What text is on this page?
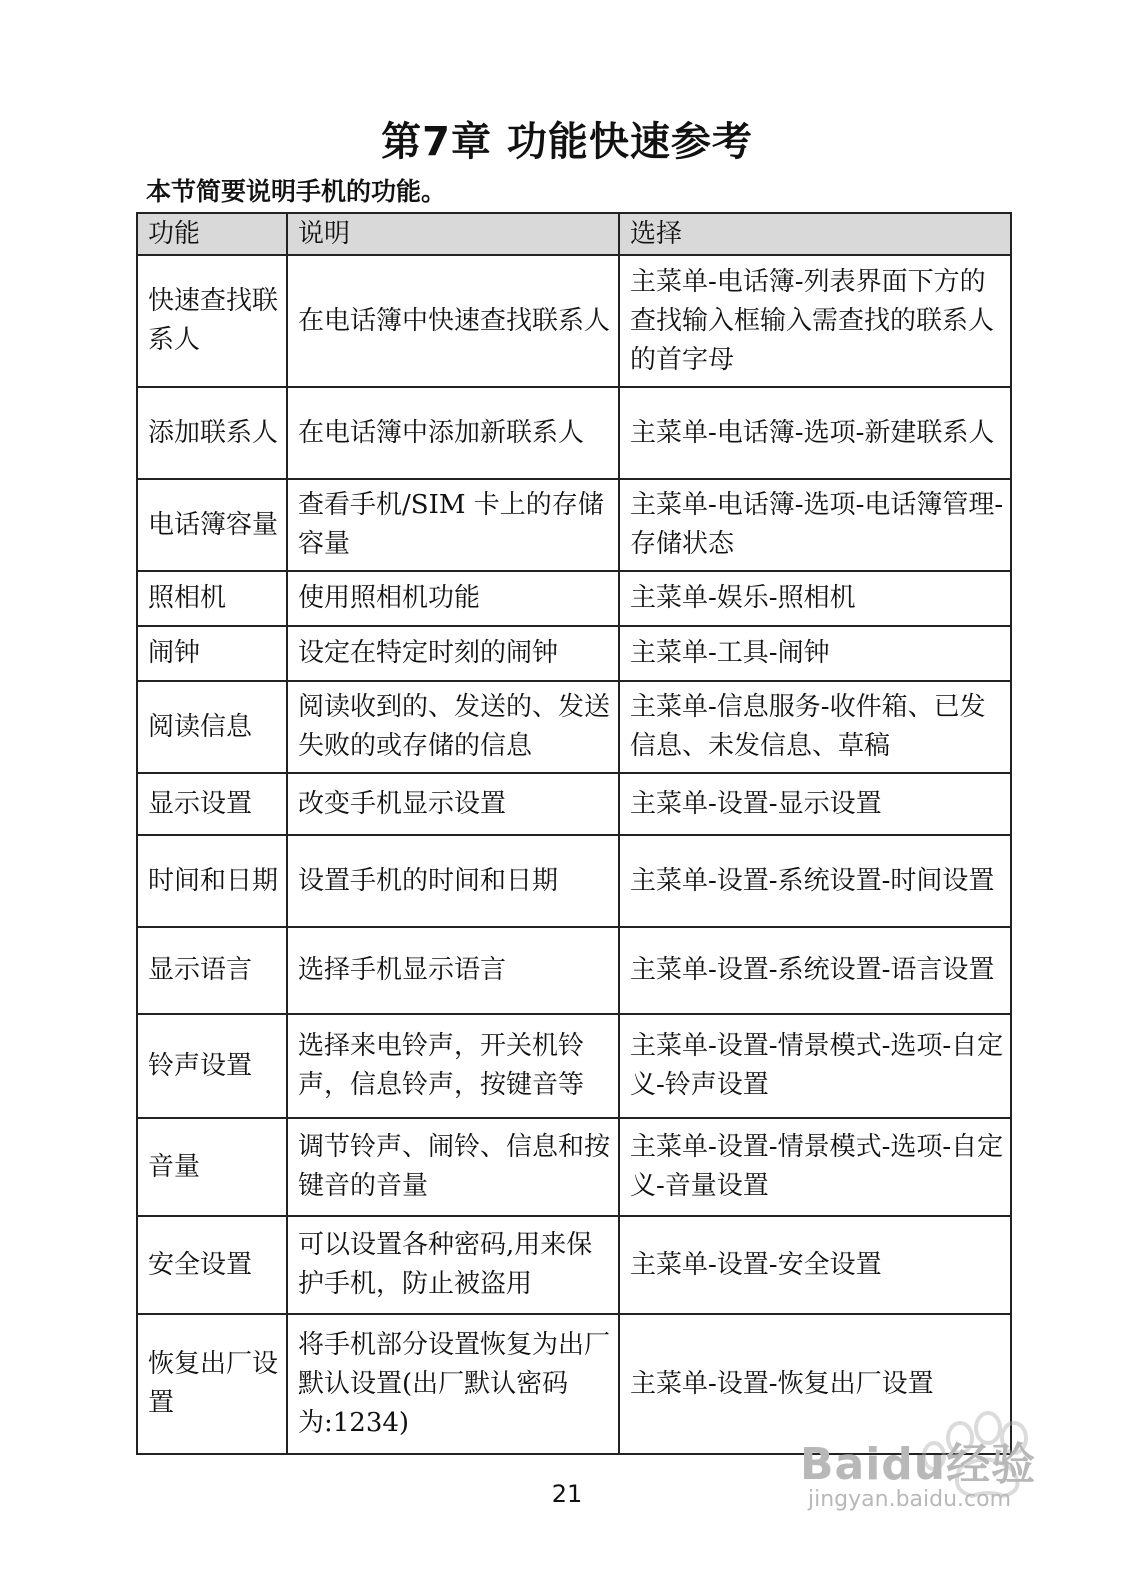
第7章 功能快速参考
本节简要说明手机的功能。
功能	说明	选择
快速查找联系人	在电话簿中快速查找联系人	主菜单-电话簿-列表界面下方的查找输入框输入需查找的联系人的首字母
添加联系人	在电话簿中添加新联系人	主菜单-电话簿-选项-新建联系人
电话簿容量	查看手机/SIM 卡上的存储容量	主菜单-电话簿-选项-电话簿管理-存储状态
照相机	使用照相机功能	主菜单-娱乐-照相机
闹钟	设定在特定时刻的闹钟	主菜单-工具-闹钟
阅读信息	阅读收到的、发送的、发送失败的或存储的信息	主菜单-信息服务-收件箱、已发信息、未发信息、草稿
显示设置	改变手机显示设置	主菜单-设置-显示设置
时间和日期	设置手机的时间和日期	主菜单-设置-系统设置-时间设置
显示语言	选择手机显示语言	主菜单-设置-系统设置-语言设置
铃声设置	选择来电铃声，开关机铃声，信息铃声，按键音等	主菜单-设置-情景模式-选项-自定义-铃声设置
音量	调节铃声、闹铃、信息和按键音的音量	主菜单-设置-情景模式-选项-自定义-音量设置
安全设置	可以设置各种密码,用来保护手机，防止被盗用	主菜单-设置-安全设置
恢复出厂设置	将手机部分设置恢复为出厂默认设置(出厂默认密码为:1234)	主菜单-设置-恢复出厂设置
21
Baidu经验
jingyan.baidu.com
